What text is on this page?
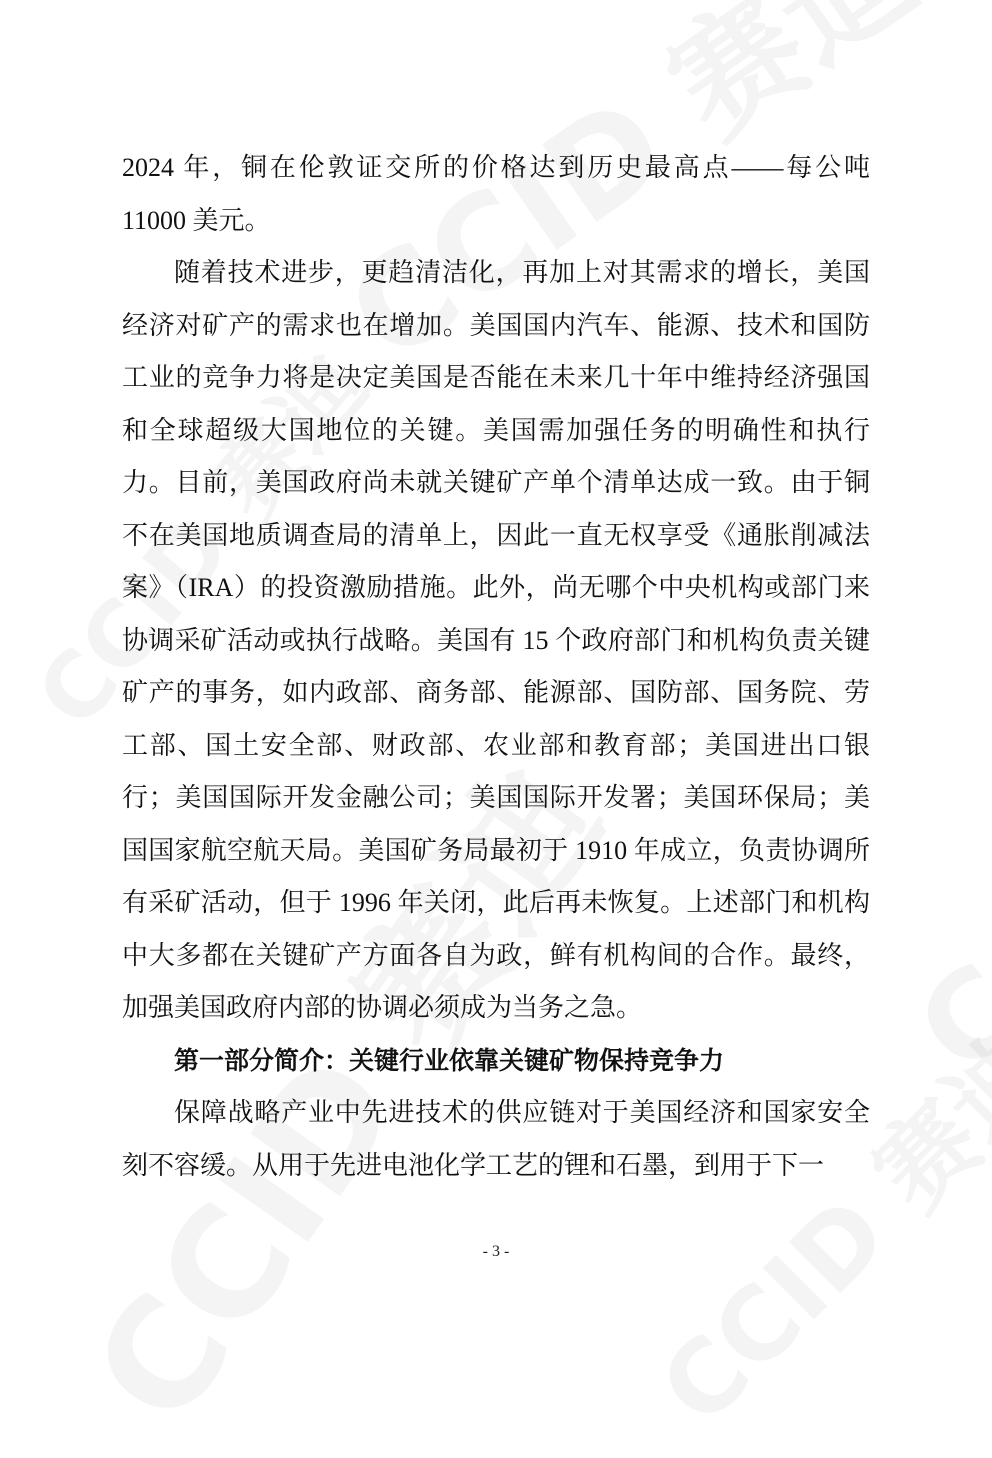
2024 年，铜在伦敦证交所的价格达到历史最高点——每公吨 11000 美元。

随着技术进步，更趋清洁化，再加上对其需求的增长，美国经济对矿产的需求也在增加。美国国内汽车、能源、技术和国防工业的竞争力将是决定美国是否能在未来几十年中维持经济强国和全球超级大国地位的关键。美国需加强任务的明确性和执行力。目前，美国政府尚未就关键矿产单个清单达成一致。由于铜不在美国地质调查局的清单上，因此一直无权享受《通胀削减法案》（IRA）的投资激励措施。此外，尚无哪个中央机构或部门来协调采矿活动或执行战略。美国有 15 个政府部门和机构负责关键矿产的事务，如内政部、商务部、能源部、国防部、国务院、劳工部、国土安全部、财政部、农业部和教育部；美国进出口银行；美国国际开发金融公司；美国国际开发署；美国环保局；美国国家航空航天局。美国矿务局最初于 1910 年成立，负责协调所有采矿活动，但于 1996 年关闭，此后再未恢复。上述部门和机构中大多都在关键矿产方面各自为政，鲜有机构间的合作。最终，加强美国政府内部的协调必须成为当务之急。

第一部分简介：关键行业依靠关键矿物保持竞争力

保障战略产业中先进技术的供应链对于美国经济和国家安全刻不容缓。从用于先进电池化学工艺的锂和石墨，到用于下一

- 3 -
